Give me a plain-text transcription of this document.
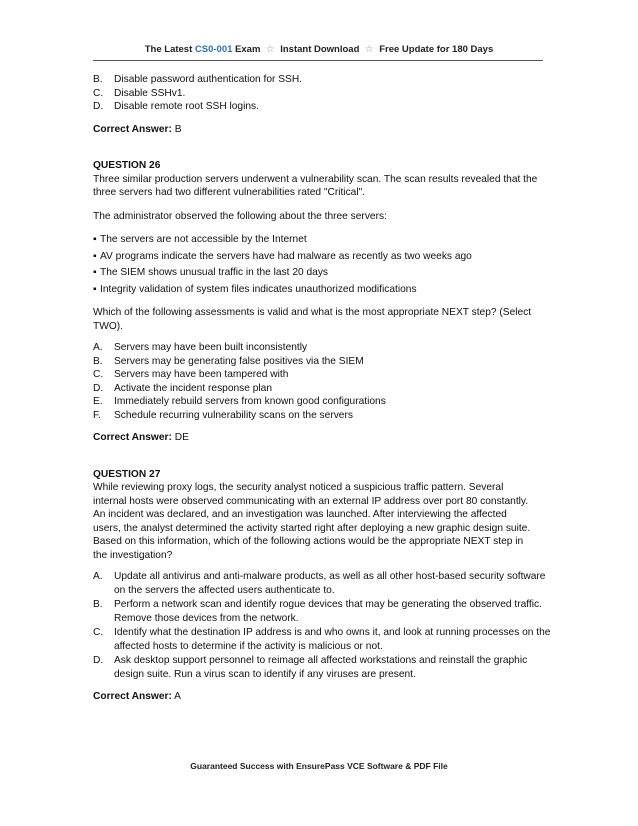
The Latest CS0-001 Exam ☆ Instant Download ☆ Free Update for 180 Days
B.	Disable password authentication for SSH.
C.	Disable SSHv1.
D.	Disable remote root SSH logins.
Correct Answer: B
QUESTION 26
Three similar production servers underwent a vulnerability scan. The scan results revealed that the three servers had two different vulnerabilities rated "Critical".
The administrator observed the following about the three servers:
▪ The servers are not accessible by the Internet
▪ AV programs indicate the servers have had malware as recently as two weeks ago
▪ The SIEM shows unusual traffic in the last 20 days
▪ Integrity validation of system files indicates unauthorized modifications
Which of the following assessments is valid and what is the most appropriate NEXT step? (Select TWO).
A.	Servers may have been built inconsistently
B.	Servers may be generating false positives via the SIEM
C.	Servers may have been tampered with
D.	Activate the incident response plan
E.	Immediately rebuild servers from known good configurations
F.	Schedule recurring vulnerability scans on the servers
Correct Answer: DE
QUESTION 27
While reviewing proxy logs, the security analyst noticed a suspicious traffic pattern. Several
internal hosts were observed communicating with an external IP address over port 80 constantly.
An incident was declared, and an investigation was launched. After interviewing the affected
users, the analyst determined the activity started right after deploying a new graphic design suite.
Based on this information, which of the following actions would be the appropriate NEXT step in
the investigation?
A.	Update all antivirus and anti-malware products, as well as all other host-based security software on the servers the affected users authenticate to.
B.	Perform a network scan and identify rogue devices that may be generating the observed traffic. Remove those devices from the network.
C.	Identify what the destination IP address is and who owns it, and look at running processes on the affected hosts to determine if the activity is malicious or not.
D.	Ask desktop support personnel to reimage all affected workstations and reinstall the graphic design suite. Run a virus scan to identify if any viruses are present.
Correct Answer: A
Guaranteed Success with EnsurePass VCE Software & PDF File
